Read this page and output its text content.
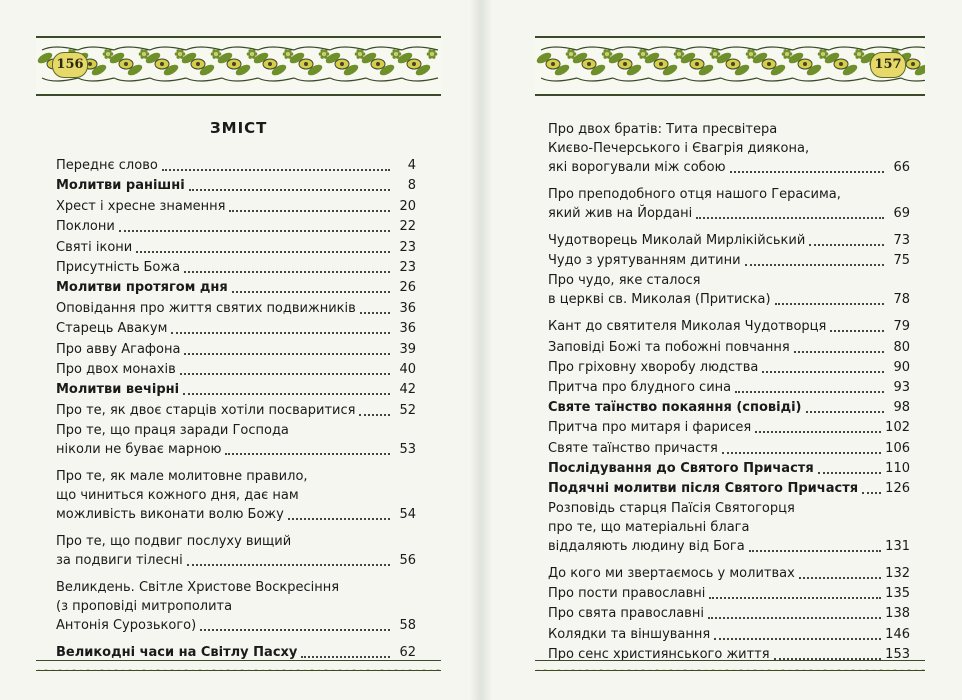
156
ЗМІСТ
Переднє слово	4
Молитви ранішні	8
Хрест і хресне знамення	20
Поклони	22
Святі ікони	23
Присутність Божа	23
Молитви протягом дня	26
Оповідання про життя святих подвижників	36
Старець Авакум	36
Про авву Агафона	39
Про двох монахів	40
Молитви вечірні	42
Про те, як двоє старців хотіли посваритися	52
Про те, що праця заради Господа
ніколи не буває марною	53
Про те, як мале молитовне правило,
що чиниться кожного дня, дає нам
можливість виконати волю Божу	54
Про те, що подвиг послуху вищий
за подвиги тілесні	56
Великдень. Світле Христове Воскресіння
(з проповіді митрополита
Антонія Сурозького)	58
Великодні часи на Світлу Пасху	62
157
Про двох братів: Тита пресвітера
Києво-Печерського і Євагрія диякона,
які ворогували між собою	66
Про преподобного отця нашого Герасима,
який жив на Йордані	69
Чудотворець Миколай Мирлікійський	73
Чудо з урятуванням дитини	75
Про чудо, яке сталося
в церкві св. Миколая (Притиска)	78
Кант до святителя Миколая Чудотворця	79
Заповіді Божі та побожні повчання	80
Про гріховну хворобу людства	90
Притча про блудного сина	93
Святе таїнство покаяння (сповіді)	98
Притча про митаря і фарисея	102
Святе таїнство причастя	106
Послідування до Святого Причастя	110
Подячні молитви після Святого Причастя 126
Розповідь старця Паїсія Святогорця
про те, що матеріальні блага
віддаляють людину від Бога	131
До кого ми звертаємось у молитвах	132
Про пости православні	135
Про свята православні	138
Колядки та віншування	146
Про сенс християнського життя	153
